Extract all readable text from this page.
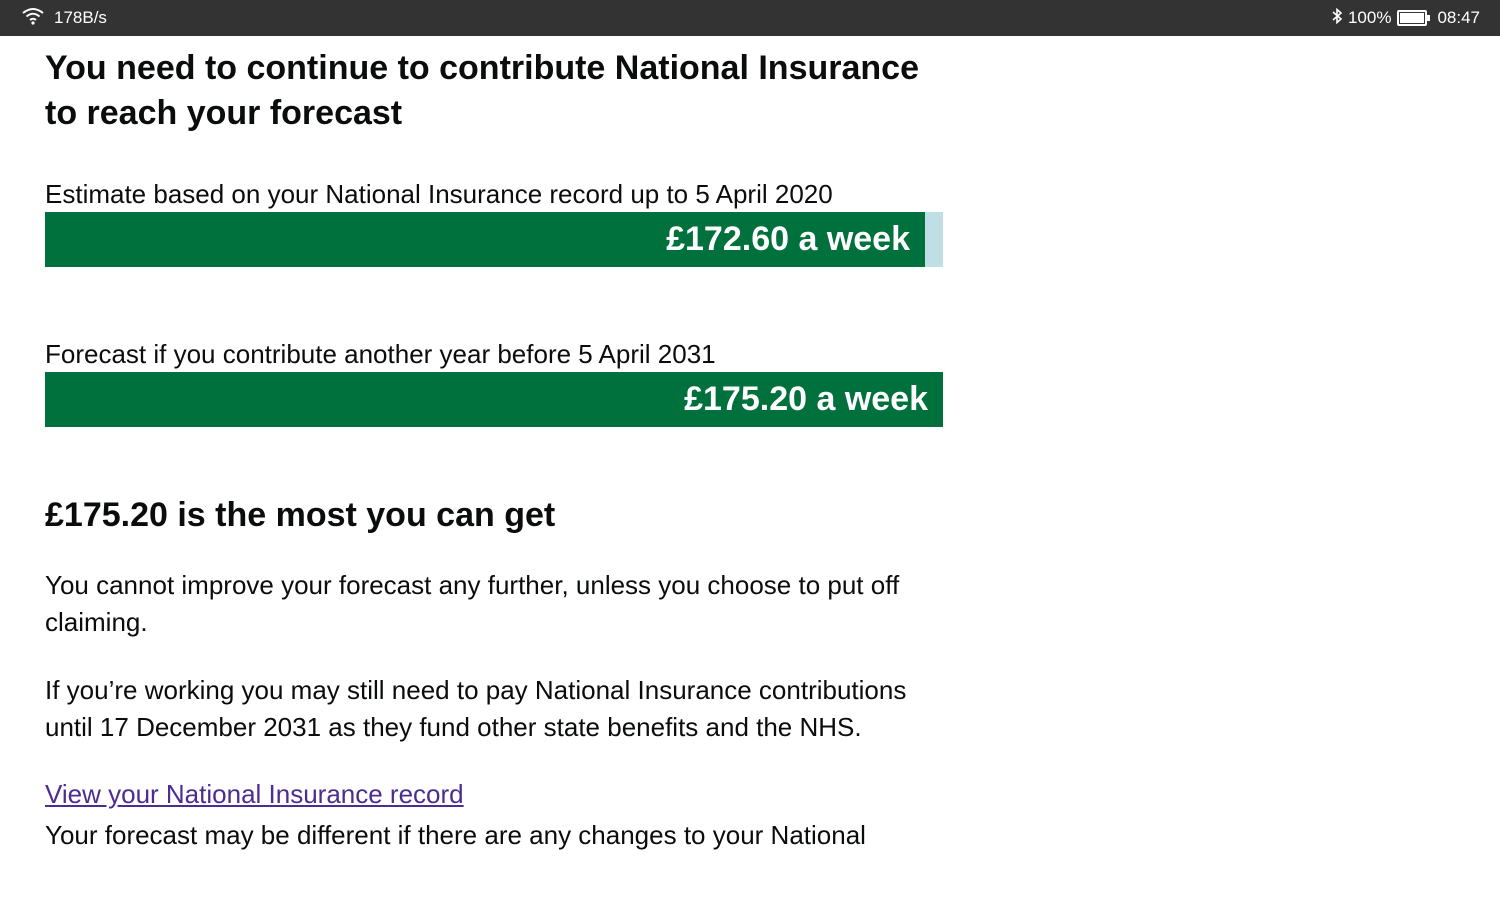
178B/s	100%	08:47
You need to continue to contribute National Insurance to reach your forecast

Estimate based on your National Insurance record up to 5 April 2020

£172.60 a week

Forecast if you contribute another year before 5 April 2031

£175.20 a week
£175.20 is the most you can get

You cannot improve your forecast any further, unless you choose to put off claiming.

If you’re working you may still need to pay National Insurance contributions until 17 December 2031 as they fund other state benefits and the NHS.

View your National Insurance record

Your forecast may be different if there are any changes to your National
